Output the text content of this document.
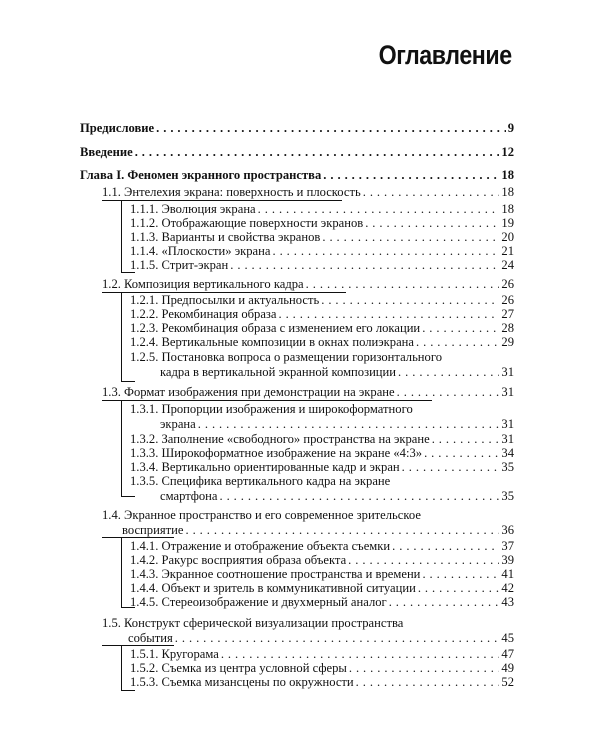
Оглавление
Предисловие . . .	9
Введение . . .	12
Глава I. Феномен экранного пространства . . .	18
1.1. Энтелехия экрана: поверхность и плоскость . . .	18
1.1.1. Эволюция экрана . . .	18
1.1.2. Отображающие поверхности экранов . . .	19
1.1.3. Варианты и свойства экранов . . .	20
1.1.4. «Плоскости» экрана . . .	21
1.1.5. Стрит-экран . . .	24
1.2. Композиция вертикального кадра . . .	26
1.2.1. Предпосылки и актуальность . . .	26
1.2.2. Рекомбинация образа . . .	27
1.2.3. Рекомбинация образа с изменением его локации . . .	28
1.2.4. Вертикальные композиции в окнах полиэкрана . . .	29
1.2.5. Постановка вопроса о размещении горизонтального
кадра в вертикальной экранной композиции . . .	31
1.3. Формат изображения при демонстрации на экране . . .	31
1.3.1. Пропорции изображения и широкоформатного
экрана . . .	31
1.3.2. Заполнение «свободного» пространства на экране . . .	31
1.3.3. Широкоформатное изображение на экране «4:3» . . .	34
1.3.4. Вертикально ориентированные кадр и экран . . .	35
1.3.5. Специфика вертикального кадра на экране
смартфона . . .	35
1.4. Экранное пространство и его современное зрительское
восприятие . . .	36
1.4.1. Отражение и отображение объекта съемки . . .	37
1.4.2. Ракурс восприятия образа объекта . . .	39
1.4.3. Экранное соотношение пространства и времени . . .	41
1.4.4. Объект и зритель в коммуникативной ситуации . . .	42
1.4.5. Стереоизображение и двухмерный аналог . . .	43
1.5. Конструкт сферической визуализации пространства
события . . .	45
1.5.1. Кругорама . . .	47
1.5.2. Съемка из центра условной сферы . . .	49
1.5.3. Съемка мизансцены по окружности . . .	52
